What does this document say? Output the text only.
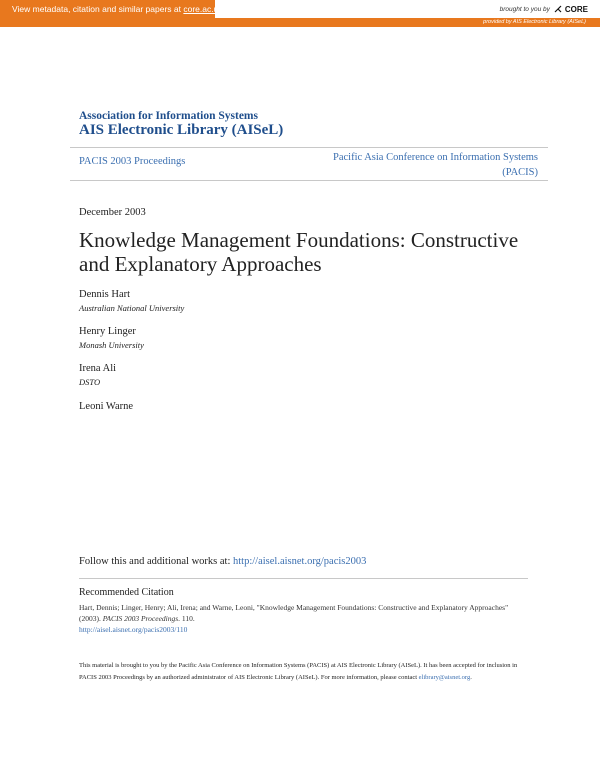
View metadata, citation and similar papers at core.ac.uk	brought to you by CORE
provided by AIS Electronic Library (AISeL)
Association for Information Systems
AIS Electronic Library (AISeL)
PACIS 2003 Proceedings	Pacific Asia Conference on Information Systems
(PACIS)
December 2003
Knowledge Management Foundations: Constructive and Explanatory Approaches
Dennis Hart
Australian National University
Henry Linger
Monash University
Irena Ali
DSTO
Leoni Warne
Follow this and additional works at: http://aisel.aisnet.org/pacis2003
Recommended Citation
Hart, Dennis; Linger, Henry; Ali, Irena; and Warne, Leoni, "Knowledge Management Foundations: Constructive and Explanatory Approaches" (2003). PACIS 2003 Proceedings. 110.
http://aisel.aisnet.org/pacis2003/110
This material is brought to you by the Pacific Asia Conference on Information Systems (PACIS) at AIS Electronic Library (AISeL). It has been accepted for inclusion in PACIS 2003 Proceedings by an authorized administrator of AIS Electronic Library (AISeL). For more information, please contact elibrary@aisnet.org.
